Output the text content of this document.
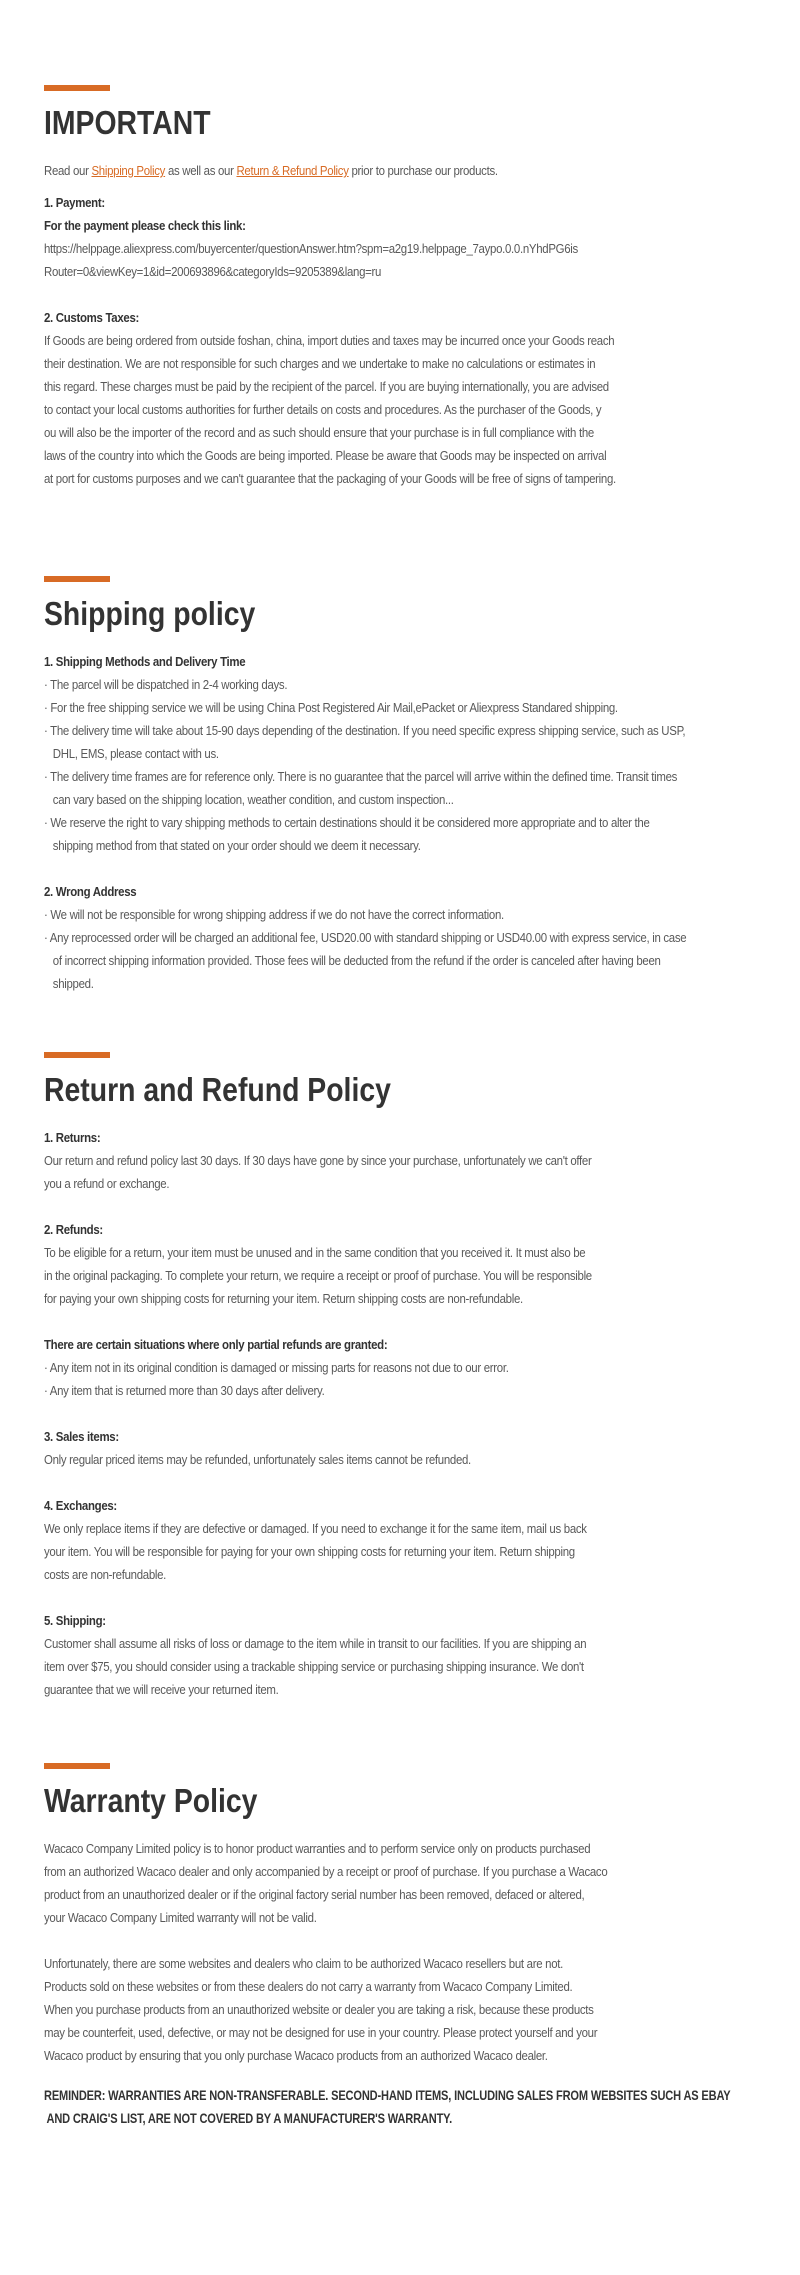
IMPORTANT
Read our Shipping Policy as well as our Return & Refund Policy prior to purchase our products.
1. Payment:
For the payment please check this link:
https://helppage.aliexpress.com/buyercenter/questionAnswer.htm?spm=a2g19.helppage_7aypo.0.0.nYhdPG6is
Router=0&viewKey=1&id=200693896&categoryIds=9205389&lang=ru
2. Customs Taxes:
If Goods are being ordered from outside foshan, china, import duties and taxes may be incurred once your Goods reach
their destination. We are not responsible for such charges and we undertake to make no calculations or estimates in
this regard. These charges must be paid by the recipient of the parcel. If you are buying internationally, you are advised
to contact your local customs authorities for further details on costs and procedures. As the purchaser of the Goods, y
ou will also be the importer of the record and as such should ensure that your purchase is in full compliance with the
laws of the country into which the Goods are being imported. Please be aware that Goods may be inspected on arrival
at port for customs purposes and we can't guarantee that the packaging of your Goods will be free of signs of tampering.
Shipping policy
1. Shipping Methods and Delivery Time
· The parcel will be dispatched in 2-4 working days.
· For the free shipping service we will be using China Post Registered Air Mail,ePacket or Aliexpress Standared shipping.
· The delivery time will take about 15-90 days depending of the destination. If you need specific express shipping service, such as USP, DHL, EMS, please contact with us.
· The delivery time frames are for reference only. There is no guarantee that the parcel will arrive within the defined time. Transit times can vary based on the shipping location, weather condition, and custom inspection...
· We reserve the right to vary shipping methods to certain destinations should it be considered more appropriate and to alter the shipping method from that stated on your order should we deem it necessary.
2. Wrong Address
· We will not be responsible for wrong shipping address if we do not have the correct information.
· Any reprocessed order will be charged an additional fee, USD20.00 with standard shipping or USD40.00 with express service, in case of incorrect shipping information provided. Those fees will be deducted from the refund if the order is canceled after having been shipped.
Return and Refund Policy
1. Returns:
Our return and refund policy last 30 days. If 30 days have gone by since your purchase, unfortunately we can't offer
you a refund or exchange.
2. Refunds:
To be eligible for a return, your item must be unused and in the same condition that you received it. It must also be
in the original packaging. To complete your return, we require a receipt or proof of purchase. You will be responsible
for paying your own shipping costs for returning your item. Return shipping costs are non-refundable.
There are certain situations where only partial refunds are granted:
· Any item not in its original condition is damaged or missing parts for reasons not due to our error.
· Any item that is returned more than 30 days after delivery.
3. Sales items:
Only regular priced items may be refunded, unfortunately sales items cannot be refunded.
4. Exchanges:
We only replace items if they are defective or damaged. If you need to exchange it for the same item, mail us back
your item. You will be responsible for paying for your own shipping costs for returning your item. Return shipping
costs are non-refundable.
5. Shipping:
Customer shall assume all risks of loss or damage to the item while in transit to our facilities. If you are shipping an
item over $75, you should consider using a trackable shipping service or purchasing shipping insurance. We don't
guarantee that we will receive your returned item.
Warranty Policy
Wacaco Company Limited policy is to honor product warranties and to perform service only on products purchased
from an authorized Wacaco dealer and only accompanied by a receipt or proof of purchase. If you purchase a Wacaco
product from an unauthorized dealer or if the original factory serial number has been removed, defaced or altered,
your Wacaco Company Limited warranty will not be valid.
Unfortunately, there are some websites and dealers who claim to be authorized Wacaco resellers but are not.
Products sold on these websites or from these dealers do not carry a warranty from Wacaco Company Limited.
When you purchase products from an unauthorized website or dealer you are taking a risk, because these products
may be counterfeit, used, defective, or may not be designed for use in your country. Please protect yourself and your
Wacaco product by ensuring that you only purchase Wacaco products from an authorized Wacaco dealer.
REMINDER: WARRANTIES ARE NON-TRANSFERABLE. SECOND-HAND ITEMS, INCLUDING SALES FROM WEBSITES SUCH AS EBAY
AND CRAIG'S LIST, ARE NOT COVERED BY A MANUFACTURER'S WARRANTY.
